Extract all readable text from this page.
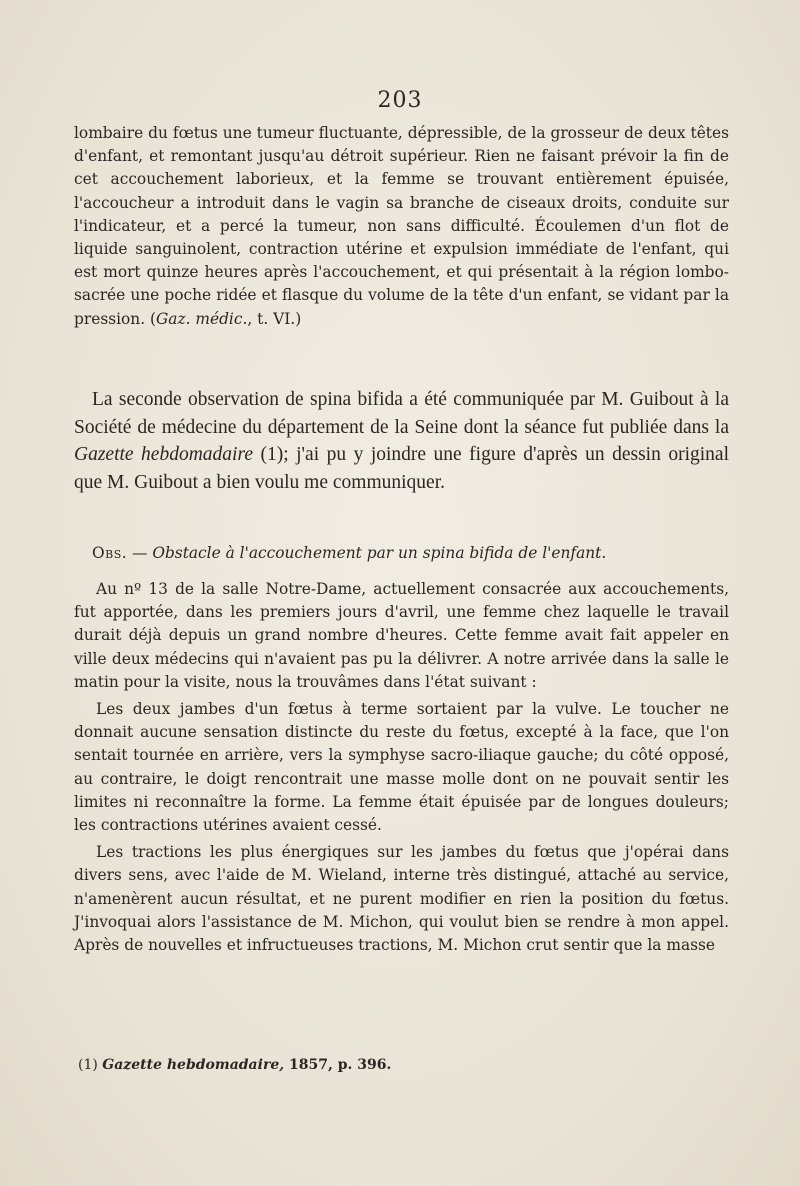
203

lombaire du fœtus une tumeur fluctuante, dépressible, de la grosseur de deux têtes d'enfant, et remontant jusqu'au détroit supérieur. Rien ne faisant prévoir la fin de cet accouchement laborieux, et la femme se trouvant entièrement épuisée, l'accoucheur a introduit dans le vagin sa branche de ciseaux droits, conduite sur l'indicateur, et a percé la tumeur, non sans difficulté. Écoulemen d'un flot de liquide sanguinolent, contraction utérine et expulsion immédiate de l'enfant, qui est mort quinze heures après l'accouchement, et qui présentait à la région lombo-sacrée une poche ridée et flasque du volume de la tête d'un enfant, se vidant par la pression. (Gaz. médic., t. VI.)

La seconde observation de spina bifida a été communiquée par M. Guibout à la Société de médecine du département de la Seine dont la séance fut publiée dans la Gazette hebdomadaire (1); j'ai pu y joindre une figure d'après un dessin original que M. Guibout a bien voulu me communiquer.

Obs. — Obstacle à l'accouchement par un spina bifida de l'enfant.

Au nº 13 de la salle Notre-Dame, actuellement consacrée aux accouchements, fut apportée, dans les premiers jours d'avril, une femme chez laquelle le travail durait déjà depuis un grand nombre d'heures. Cette femme avait fait appeler en ville deux médecins qui n'avaient pas pu la délivrer. A notre arrivée dans la salle le matin pour la visite, nous la trouvâmes dans l'état suivant :

Les deux jambes d'un fœtus à terme sortaient par la vulve. Le toucher ne donnait aucune sensation distincte du reste du fœtus, excepté à la face, que l'on sentait tournée en arrière, vers la symphyse sacro-iliaque gauche; du côté opposé, au contraire, le doigt rencontrait une masse molle dont on ne pouvait sentir les limites ni reconnaître la forme. La femme était épuisée par de longues douleurs; les contractions utérines avaient cessé.

Les tractions les plus énergiques sur les jambes du fœtus que j'opérai dans divers sens, avec l'aide de M. Wieland, interne très distingué, attaché au service, n'amenèrent aucun résultat, et ne purent modifier en rien la position du fœtus. J'invoquai alors l'assistance de M. Michon, qui voulut bien se rendre à mon appel. Après de nouvelles et infructueuses tractions, M. Michon crut sentir que la masse

(1) Gazette hebdomadaire, 1857, p. 396.
